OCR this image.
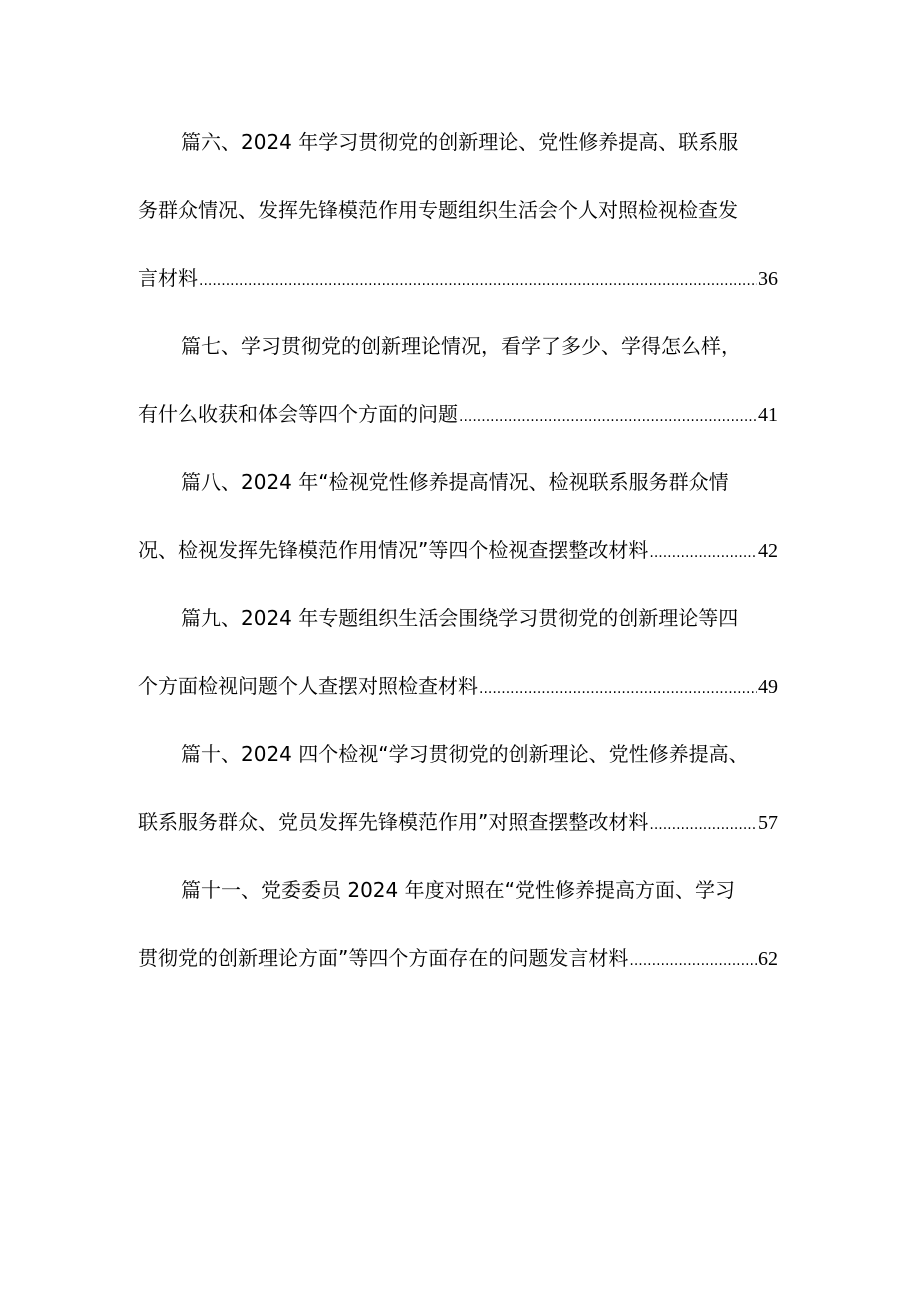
篇六、2024 年学习贯彻党的创新理论、党性修养提高、联系服
务群众情况、发挥先锋模范作用专题组织生活会个人对照检视检查发
言材料 .....	36
篇七、学习贯彻党的创新理论情况，看学了多少、学得怎么样，
有什么收获和体会等四个方面的问题 .....	41
篇八、2024 年“检视党性修养提高情况、检视联系服务群众情
况、检视发挥先锋模范作用情况”等四个检视查摆整改材料 .....	42
篇九、2024 年专题组织生活会围绕学习贯彻党的创新理论等四
个方面检视问题个人查摆对照检查材料 .....	49
篇十、2024 四个检视“学习贯彻党的创新理论、党性修养提高、
联系服务群众、党员发挥先锋模范作用”对照查摆整改材料 .....	57
篇十一、党委委员 2024 年度对照在“党性修养提高方面、学习
贯彻党的创新理论方面”等四个方面存在的问题发言材料 .....	62
